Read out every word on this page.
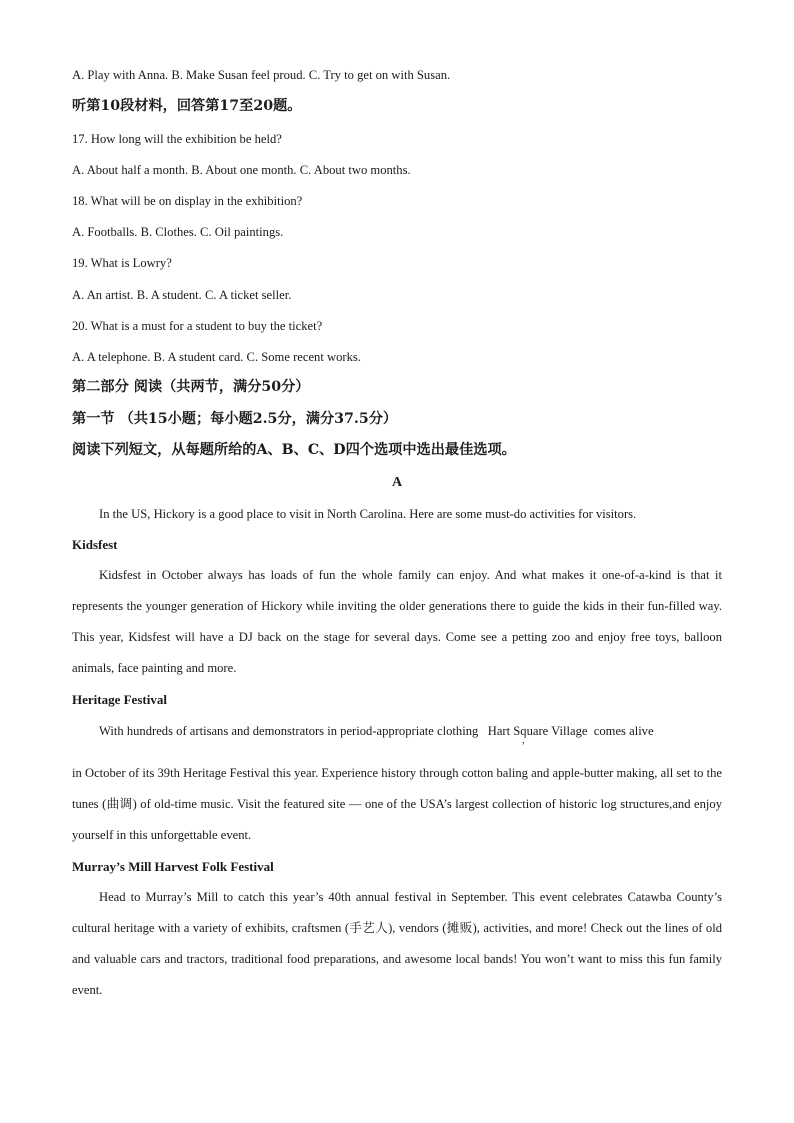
A. Play with Anna. B. Make Susan feel proud. C. Try to get on with Susan.
听第10段材料，回答第17至20题。
17. How long will the exhibition be held?
A. About half a month. B. About one month. C. About two months.
18. What will be on display in the exhibition?
A. Footballs. B. Clothes. C. Oil paintings.
19. What is Lowry?
A. An artist. B. A student. C. A ticket seller.
20. What is a must for a student to buy the ticket?
A. A telephone. B. A student card. C. Some recent works.
第二部分 阅读（共两节，满分50分）
第一节 （共15小题；每小题2.5分，满分37.5分）
阅读下列短文，从每题所给的A、B、C、D四个选项中选出最佳选项。
A
In the US, Hickory is a good place to visit in North Carolina. Here are some must-do activities for visitors.
Kidsfest
Kidsfest in October always has loads of fun the whole family can enjoy. And what makes it one-of-a-kind is that it represents the younger generation of Hickory while inviting the older generations there to guide the kids in their fun-filled way. This year, Kidsfest will have a DJ back on the stage for several days. Come see a petting zoo and enjoy free toys, balloon animals, face painting and more.
Heritage Festival
With hundreds of artisans and demonstrators in period-appropriate clothing   Hart Square Village  comes alive
,
in October of its 39th Heritage Festival this year. Experience history through cotton baling and apple-butter making, all set to the tunes (曲调) of old-time music. Visit the featured site — one of the USA’s largest collection of historic log structures,and enjoy yourself in this unforgettable event.
Murray’s Mill Harvest Folk Festival
Head to Murray’s Mill to catch this year’s 40th annual festival in September. This event celebrates Catawba County’s cultural heritage with a variety of exhibits, craftsmen (手艺人), vendors (摊贩), activities, and more! Check out the lines of old and valuable cars and tractors, traditional food preparations, and awesome local bands! You won’t want to miss this fun family event.
